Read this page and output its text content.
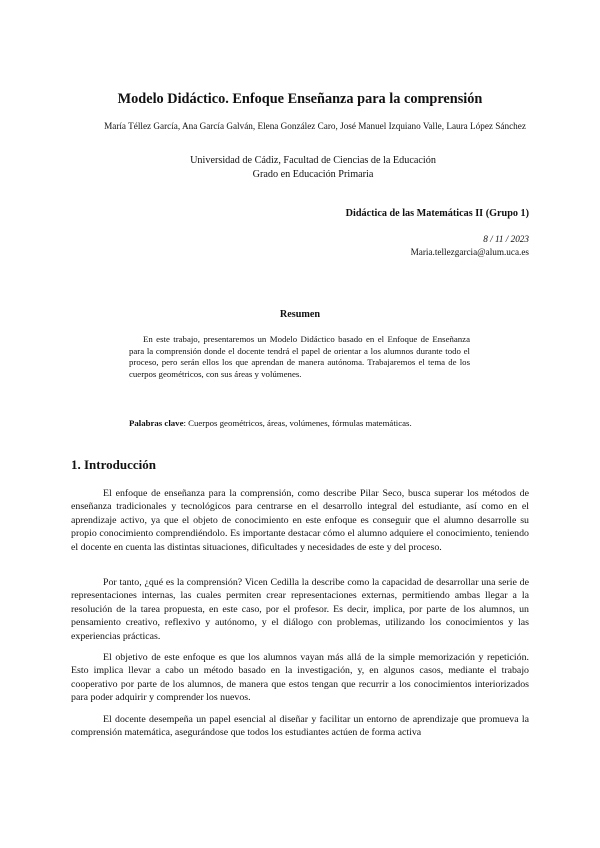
Modelo Didáctico. Enfoque Enseñanza para la comprensión
María Téllez García, Ana García Galván, Elena González Caro, José Manuel Izquiano Valle, Laura López Sánchez
Universidad de Cádiz, Facultad de Ciencias de la Educación
Grado en Educación Primaria
Didáctica de las Matemáticas II (Grupo 1)
8 / 11 / 2023
Maria.tellezgarcia@alum.uca.es
Resumen
En este trabajo, presentaremos un Modelo Didáctico basado en el Enfoque de Enseñanza para la comprensión donde el docente tendrá el papel de orientar a los alumnos durante todo el proceso, pero serán ellos los que aprendan de manera autónoma. Trabajaremos el tema de los cuerpos geométricos, con sus áreas y volúmenes.
Palabras clave: Cuerpos geométricos, áreas, volúmenes, fórmulas matemáticas.
1. Introducción
El enfoque de enseñanza para la comprensión, como describe Pilar Seco, busca superar los métodos de enseñanza tradicionales y tecnológicos para centrarse en el desarrollo integral del estudiante, así como en el aprendizaje activo, ya que el objeto de conocimiento en este enfoque es conseguir que el alumno desarrolle su propio conocimiento comprendiéndolo. Es importante destacar cómo el alumno adquiere el conocimiento, teniendo el docente en cuenta las distintas situaciones, dificultades y necesidades de este y del proceso.
Por tanto, ¿qué es la comprensión? Vicen Cedilla la describe como la capacidad de desarrollar una serie de representaciones internas, las cuales permiten crear representaciones externas, permitiendo ambas llegar a la resolución de la tarea propuesta, en este caso, por el profesor. Es decir, implica, por parte de los alumnos, un pensamiento creativo, reflexivo y autónomo, y el diálogo con problemas, utilizando los conocimientos y las experiencias prácticas.
El objetivo de este enfoque es que los alumnos vayan más allá de la simple memorización y repetición. Esto implica llevar a cabo un método basado en la investigación, y, en algunos casos, mediante el trabajo cooperativo por parte de los alumnos, de manera que estos tengan que recurrir a los conocimientos interiorizados para poder adquirir y comprender los nuevos.
El docente desempeña un papel esencial al diseñar y facilitar un entorno de aprendizaje que promueva la comprensión matemática, asegurándose que todos los estudiantes actúen de forma activa
